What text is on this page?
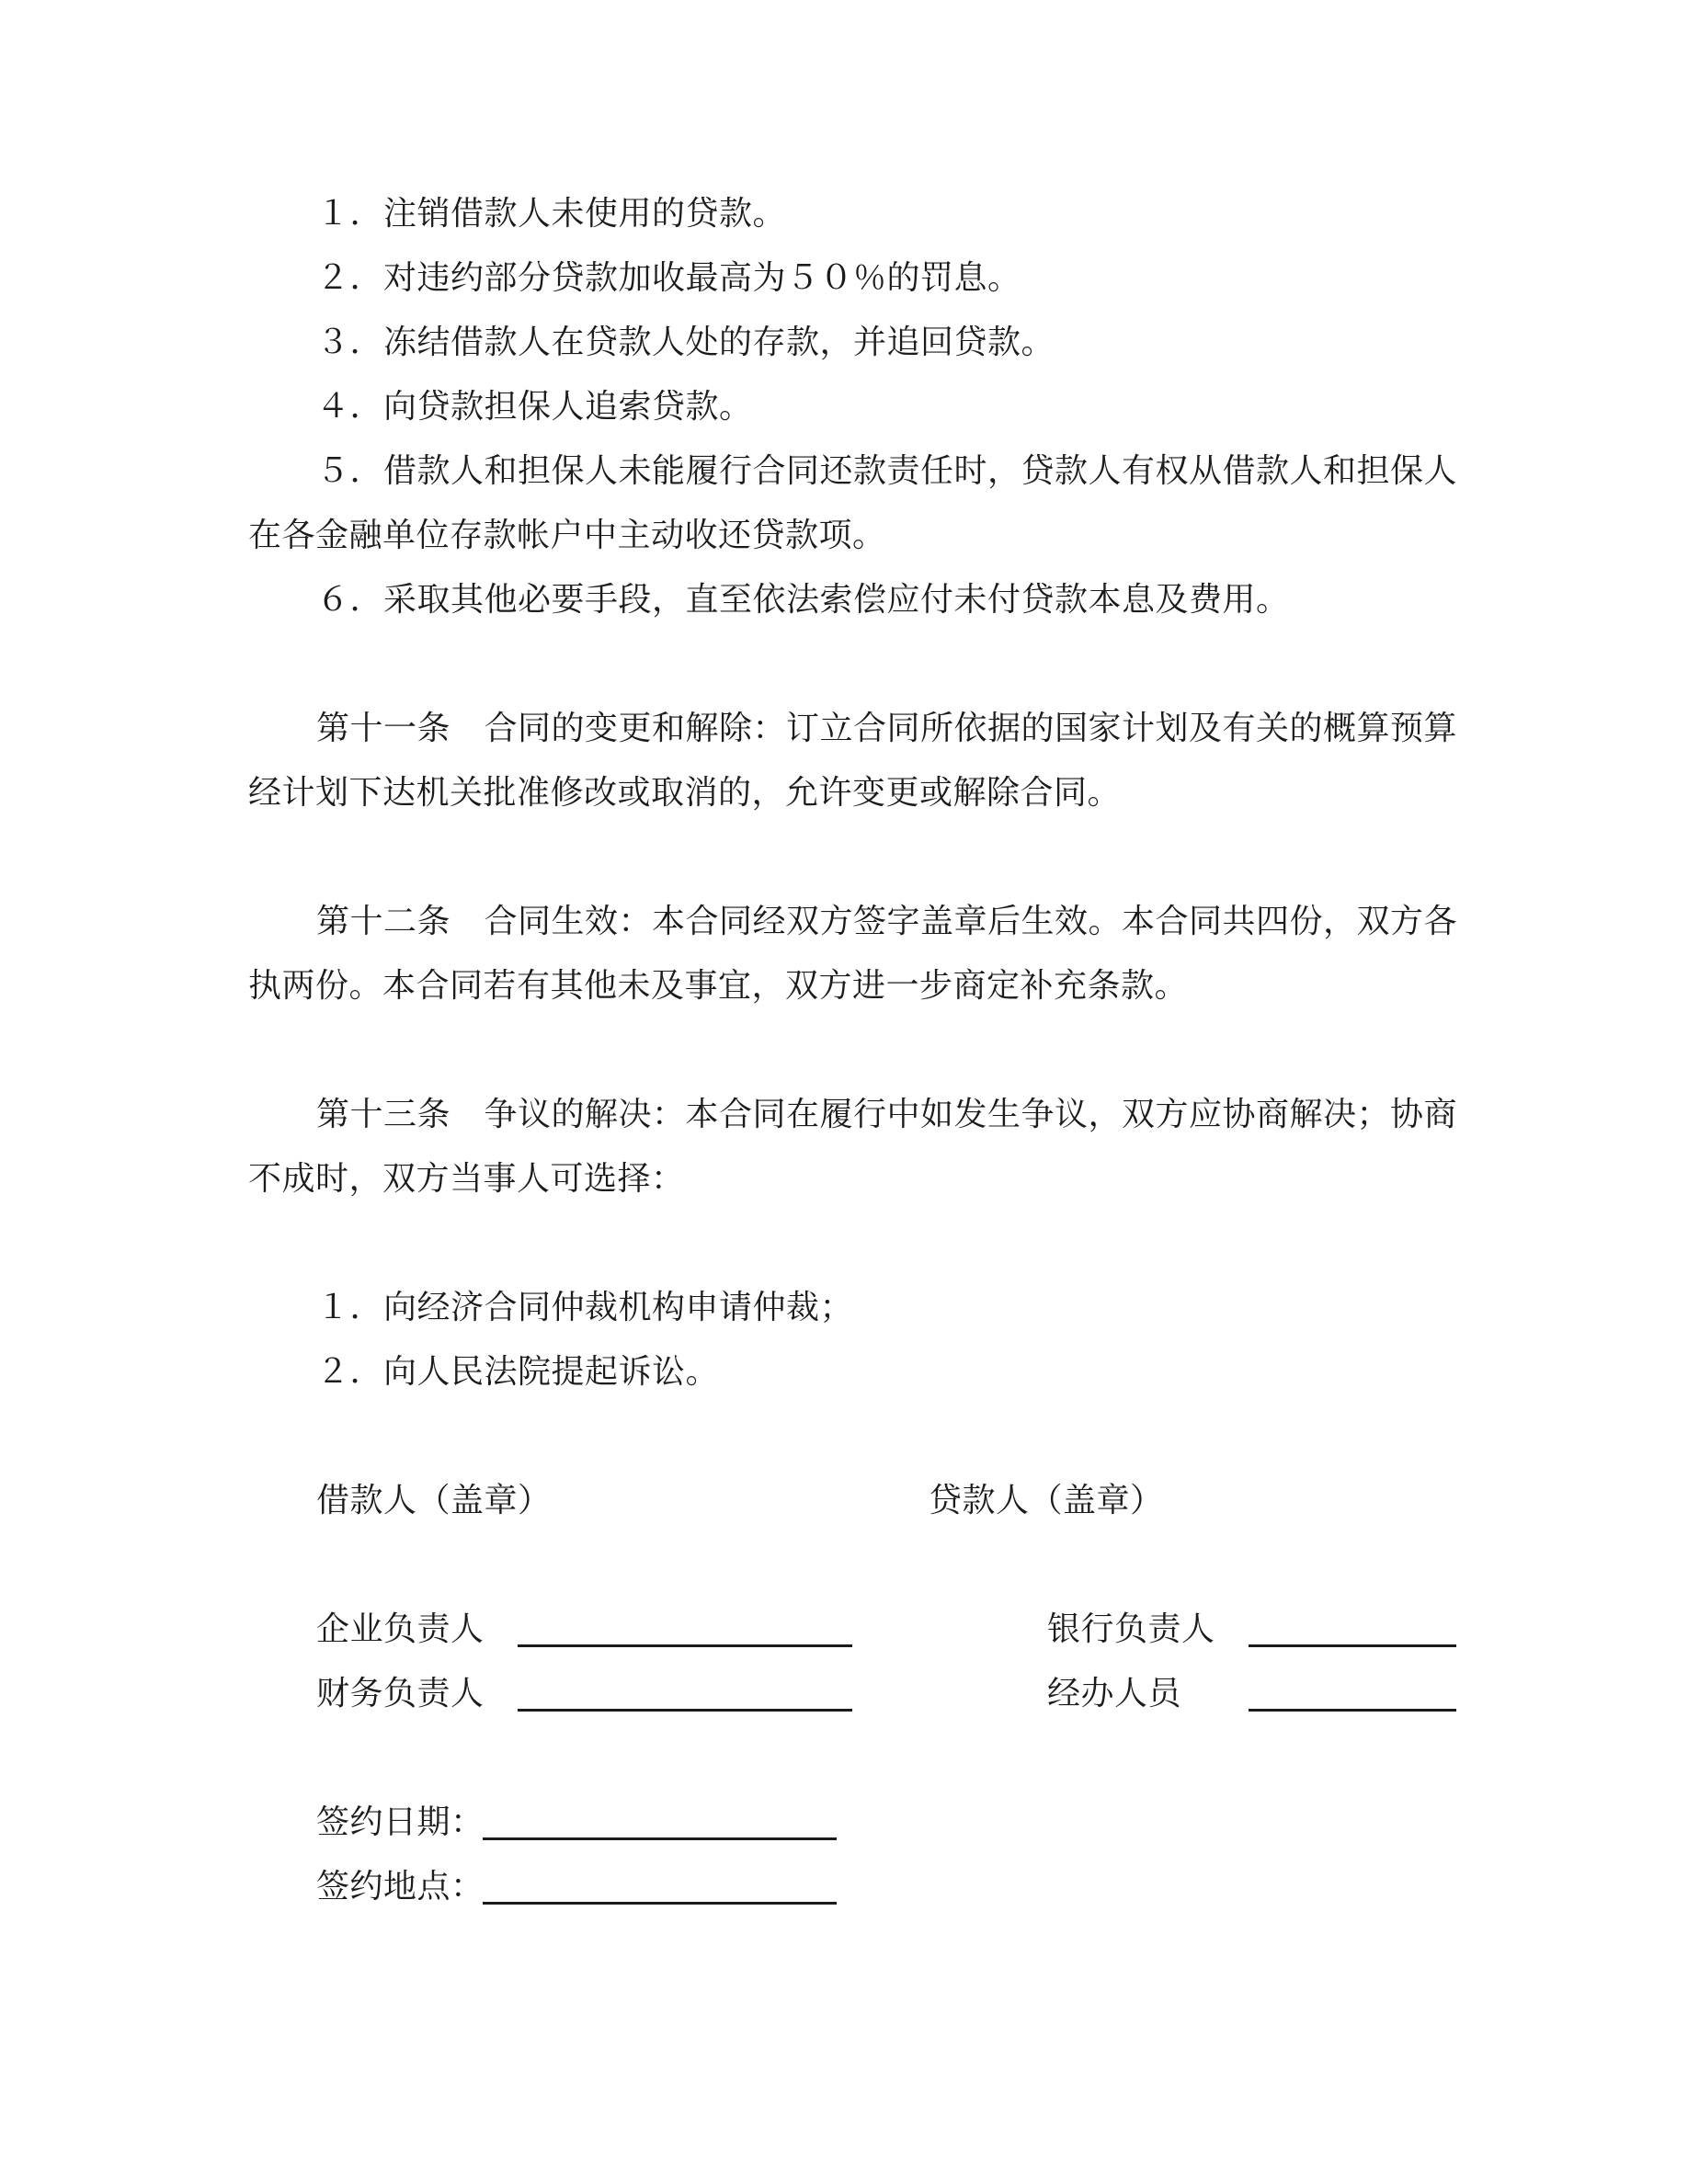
１．注销借款人未使用的贷款。
２．对违约部分贷款加收最高为５０％的罚息。
３．冻结借款人在贷款人处的存款，并追回贷款。
４．向贷款担保人追索贷款。
５．借款人和担保人未能履行合同还款责任时，贷款人有权从借款人和担保人
在各金融单位存款帐户中主动收还贷款项。
６．采取其他必要手段，直至依法索偿应付未付贷款本息及费用。
第十一条　合同的变更和解除：订立合同所依据的国家计划及有关的概算预算
经计划下达机关批准修改或取消的，允许变更或解除合同。
第十二条　合同生效：本合同经双方签字盖章后生效。本合同共四份，双方各
执两份。本合同若有其他未及事宜，双方进一步商定补充条款。
第十三条　争议的解决：本合同在履行中如发生争议，双方应协商解决；协商
不成时，双方当事人可选择：
１．向经济合同仲裁机构申请仲裁；
２．向人民法院提起诉讼。
借款人（盖章）	贷款人（盖章）
企业负责人	银行负责人
财务负责人	经办人员
签约日期：
签约地点：
